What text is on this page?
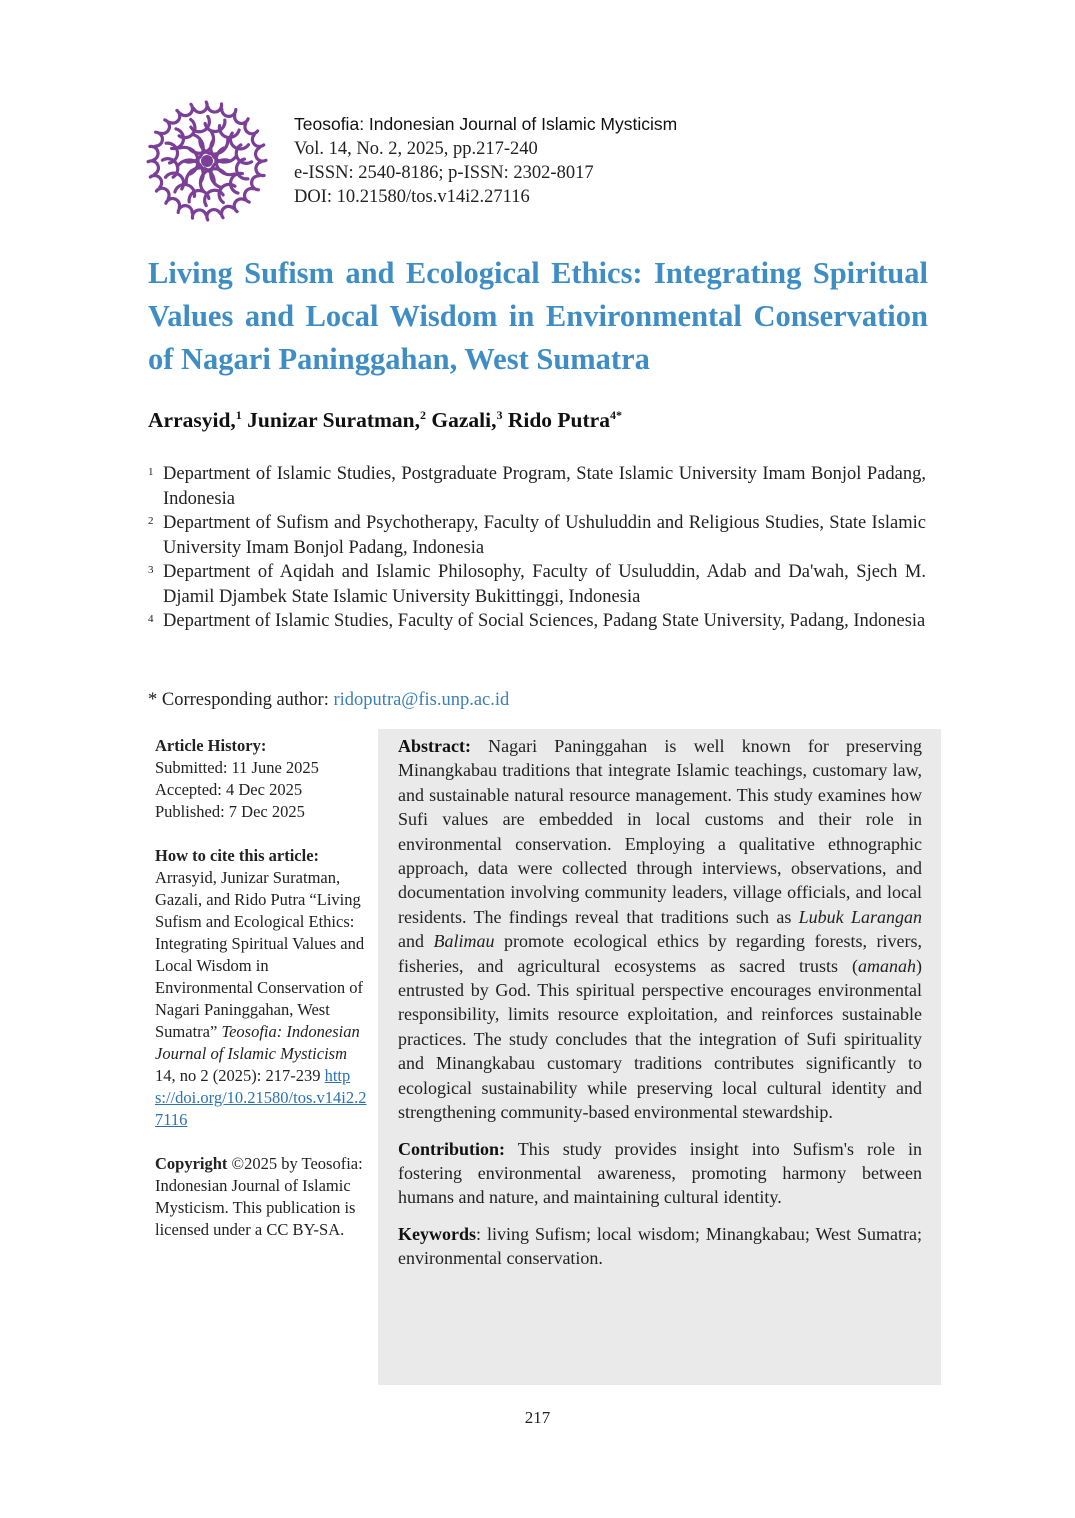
Teosofia: Indonesian Journal of Islamic Mysticism
Vol. 14, No. 2, 2025, pp.217-240
e-ISSN: 2540-8186; p-ISSN: 2302-8017
DOI: 10.21580/tos.v14i2.27116
Living Sufism and Ecological Ethics: Integrating Spiritual Values and Local Wisdom in Environmental Conservation of Nagari Paninggahan, West Sumatra
Arrasyid,$^1$ Junizar Suratman,$^2$ Gazali,$^3$ Rido Putra$^{4*}$
1 Department of Islamic Studies, Postgraduate Program, State Islamic University Imam Bonjol Padang, Indonesia
2 Department of Sufism and Psychotherapy, Faculty of Ushuluddin and Religious Studies, State Islamic University Imam Bonjol Padang, Indonesia
3 Department of Aqidah and Islamic Philosophy, Faculty of Usuluddin, Adab and Da'wah, Sjech M. Djamil Djambek State Islamic University Bukittinggi, Indonesia
4 Department of Islamic Studies, Faculty of Social Sciences, Padang State University, Padang, Indonesia
* Corresponding author: ridoputra@fis.unp.ac.id
Article History:
Submitted: 11 June 2025
Accepted: 4 Dec 2025
Published: 7 Dec 2025
How to cite this article:
Arrasyid, Junizar Suratman, Gazali, and Rido Putra “Living Sufism and Ecological Ethics: Integrating Spiritual Values and Local Wisdom in Environmental Conservation of Nagari Paninggahan, West Sumatra” Teosofia: Indonesian Journal of Islamic Mysticism 14, no 2 (2025): 217-239 https://doi.org/10.21580/tos.v14i2.27116
Copyright ©2025 by Teosofia: Indonesian Journal of Islamic Mysticism. This publication is licensed under a CC BY-SA.

Abstract: Nagari Paninggahan is well known for preserving Minangkabau traditions that integrate Islamic teachings, customary law, and sustainable natural resource management. This study examines how Sufi values are embedded in local customs and their role in environmental conservation. Employing a qualitative ethnographic approach, data were collected through interviews, observations, and documentation involving community leaders, village officials, and local residents. The findings reveal that traditions such as Lubuk Larangan and Balimau promote ecological ethics by regarding forests, rivers, fisheries, and agricultural ecosystems as sacred trusts (amanah) entrusted by God. This spiritual perspective encourages environmental responsibility, limits resource exploitation, and reinforces sustainable practices. The study concludes that the integration of Sufi spirituality and Minangkabau customary traditions contributes significantly to ecological sustainability while preserving local cultural identity and strengthening community-based environmental stewardship.

Contribution: This study provides insight into Sufism's role in fostering environmental awareness, promoting harmony between humans and nature, and maintaining cultural identity.

Keywords: living Sufism; local wisdom; Minangkabau; West Sumatra; environmental conservation.

217
